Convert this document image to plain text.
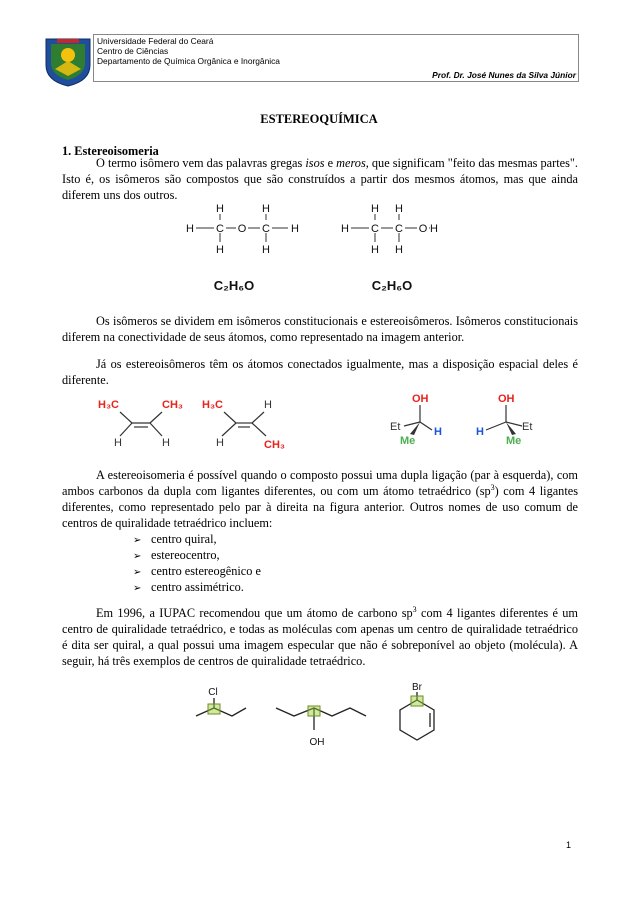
Universidade Federal do Ceará
Centro de Ciências
Departamento de Química Orgânica e Inorgânica
Prof. Dr. José Nunes da Silva Júnior
ESTEREOQUÍMICA
1. Estereoisomeria
O termo isômero vem das palavras gregas isos e meros, que significam "feito das mesmas partes". Isto é, os isômeros são compostos que são construídos a partir dos mesmos átomos, mas que ainda diferem uns dos outros.
H C O C H
H
H
H
H
H C C O
H
H
H
H
H
C₂H₆O	C₂H₆O
Os isômeros se dividem em isômeros constitucionais e estereoisômeros. Isômeros constitucionais diferem na conectividade de seus átomos, como representado na imagem anterior.
Já os estereoisômeros têm os átomos conectados igualmente, mas a disposição espacial deles é diferente.
H₃C	CH₃
H	H
H₃C	H
H	CH₃
OH
Et	H
Me
OH
Et
H
Me
A estereoisomeria é possível quando o composto possui uma dupla ligação (par à esquerda), com ambos carbonos da dupla com ligantes diferentes, ou com um átomo tetraédrico $(sp^3)$ com 4 ligantes diferentes, como representado pelo par à direita na figura anterior. Outros nomes de uso comum de centros de quiralidade tetraédrico incluem:
➢ centro quiral,
➢ estereocentro,
➢ centro estereogênico e
➢ centro assimétrico.
Em 1996, a IUPAC recomendou que um átomo de carbono $sp^3$ com 4 ligantes diferentes é um centro de quiralidade tetraédrico, e todas as moléculas com apenas um centro de quiralidade tetraédrico é dita ser quiral, a qual possui uma imagem especular que não é sobreponível ao objeto (molécula). A seguir, há três exemplos de centros de quiralidade tetraédrico.
Cl
OH
Br
1
